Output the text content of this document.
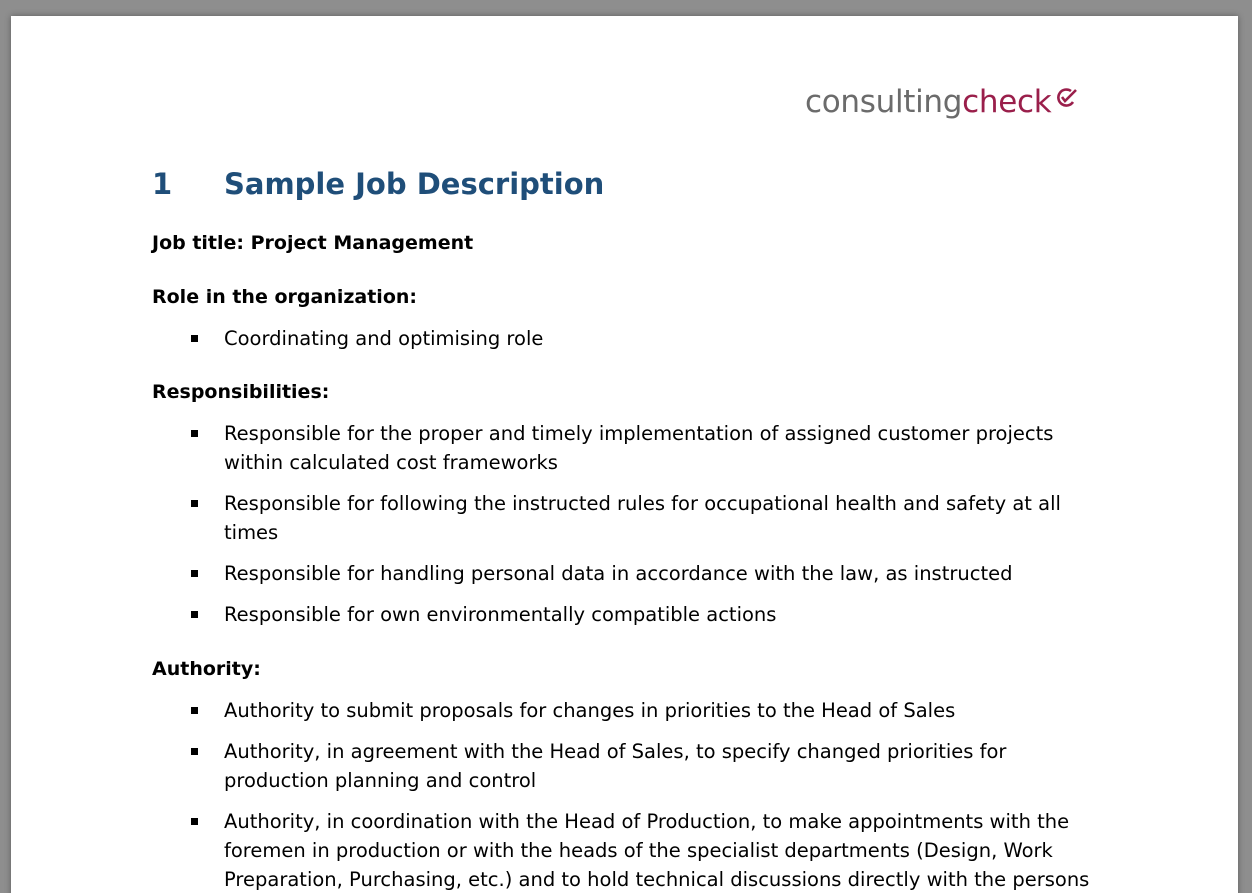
consultingcheck
1 Sample Job Description
Job title: Project Management
Role in the organization:
Coordinating and optimising role
Responsibilities:
Responsible for the proper and timely implementation of assigned customer projects within calculated cost frameworks
Responsible for following the instructed rules for occupational health and safety at all times
Responsible for handling personal data in accordance with the law, as instructed
Responsible for own environmentally compatible actions
Authority:
Authority to submit proposals for changes in priorities to the Head of Sales
Authority, in agreement with the Head of Sales, to specify changed priorities for production planning and control
Authority, in coordination with the Head of Production, to make appointments with the foremen in production or with the heads of the specialist departments (Design, Work Preparation, Purchasing, etc.) and to hold technical discussions directly with the persons
